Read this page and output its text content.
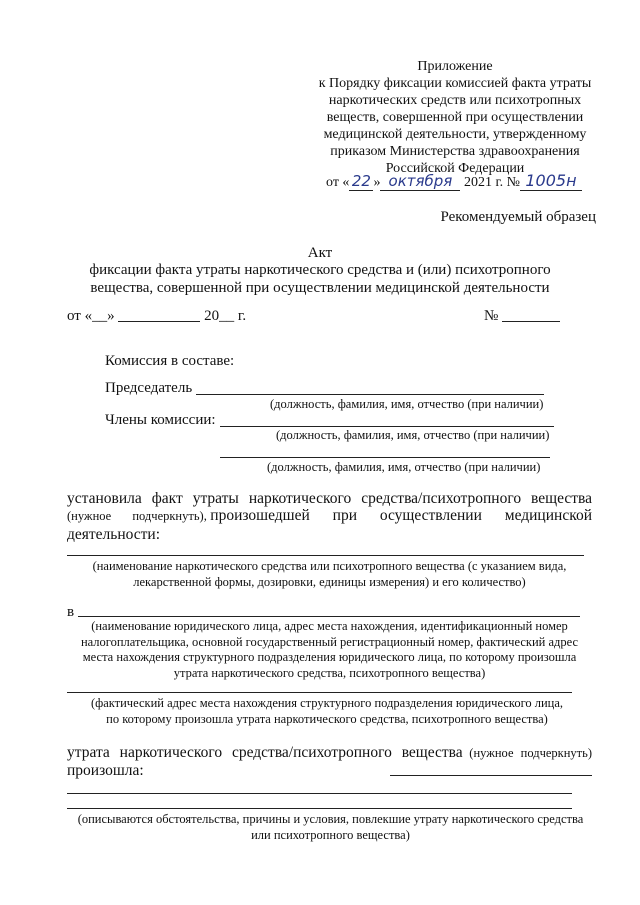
Приложение
к Порядку фиксации комиссией факта утраты
наркотических средств или психотропных
веществ, совершенной при осуществлении
медицинской деятельности, утвержденному
приказом Министерства здравоохранения
Российской Федерации
от « 22 » октября 2021 г. № 1005н
Рекомендуемый образец
Акт
фиксации факта утраты наркотического средства и (или) психотропного
вещества, совершенной при осуществлении медицинской деятельности
от «__»	20__ г.	№
Комиссия в составе:
Председатель
(должность, фамилия, имя, отчество (при наличии)
Члены комиссии:
(должность, фамилия, имя, отчество (при наличии)
(должность, фамилия, имя, отчество (при наличии)
установила факт утраты наркотического средства/психотропного вещества
(нужное подчеркнуть), произошедшей при осуществлении медицинской
деятельности:
(наименование наркотического средства или психотропного вещества (с указанием вида,
лекарственной формы, дозировки, единицы измерения) и его количество)
в
(наименование юридического лица, адрес места нахождения, идентификационный номер
налогоплательщика, основной государственный регистрационный номер, фактический адрес
места нахождения структурного подразделения юридического лица, по которому произошла
утрата наркотического средства, психотропного вещества)
(фактический адрес места нахождения структурного подразделения юридического лица,
по которому произошла утрата наркотического средства, психотропного вещества)
утрата наркотического средства/психотропного вещества (нужное подчеркнуть)
произошла:
(описываются обстоятельства, причины и условия, повлекшие утрату наркотического средства
или психотропного вещества)
